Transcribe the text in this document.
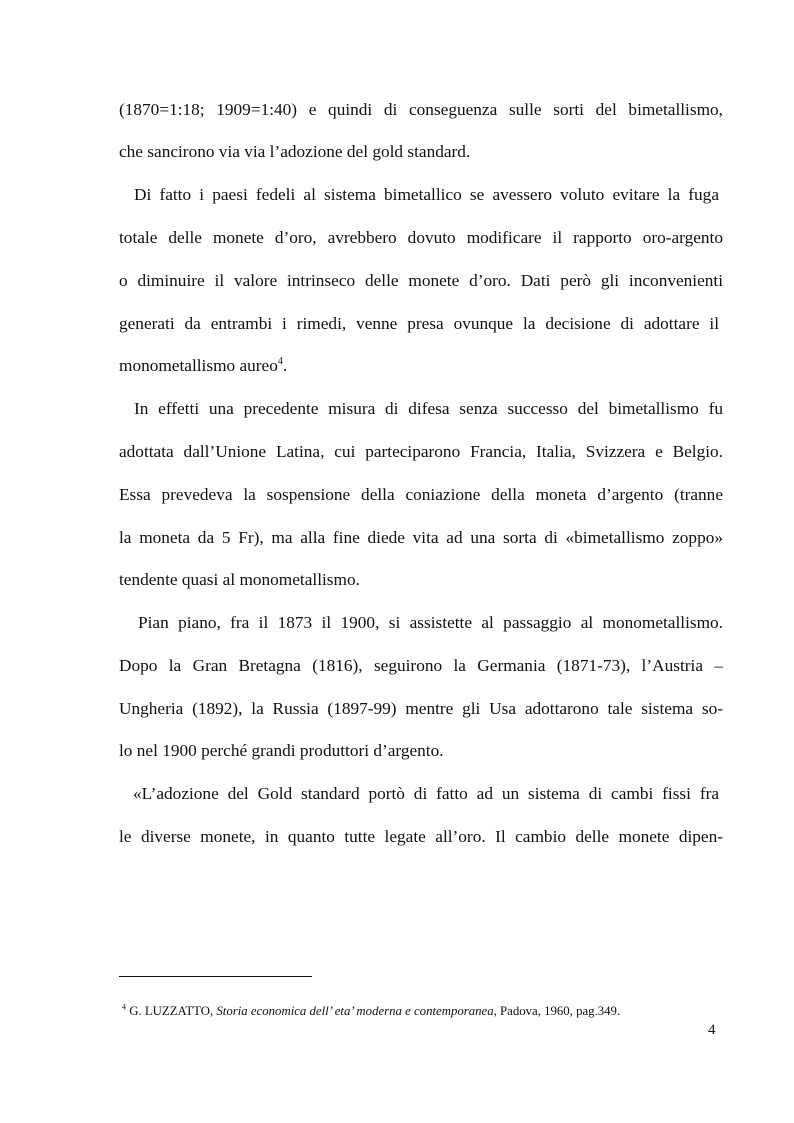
(1870=1:18; 1909=1:40) e quindi di conseguenza sulle sorti del bimetallismo,
che sancirono via via l’adozione del gold standard.
Di fatto i paesi fedeli al sistema bimetallico se avessero voluto evitare la fuga
totale delle monete d’oro, avrebbero dovuto modificare il rapporto oro-argento
o diminuire il valore intrinseco delle monete d’oro. Dati però gli inconvenienti
generati da entrambi i rimedi, venne presa ovunque la decisione di adottare il
monometallismo aureo$^4$.
In effetti una precedente misura di difesa senza successo del bimetallismo fu
adottata dall’Unione Latina, cui parteciparono Francia, Italia, Svizzera e Belgio.
Essa prevedeva la sospensione della coniazione della moneta d’argento (tranne
la moneta da 5 Fr), ma alla fine diede vita ad una sorta di «bimetallismo zoppo»
tendente quasi al monometallismo.
Pian piano, fra il 1873 il 1900, si assistette al passaggio al monometallismo.
Dopo la Gran Bretagna (1816), seguirono la Germania (1871-73), l’Austria –
Ungheria (1892), la Russia (1897-99) mentre gli Usa adottarono tale sistema so-
lo nel 1900 perché grandi produttori d’argento.
«L’adozione del Gold standard portò di fatto ad un sistema di cambi fissi fra
le diverse monete, in quanto tutte legate all’oro. Il cambio delle monete dipen-
$^4$ G. LUZZATTO, Storia economica dell’ eta’ moderna e contemporanea, Padova, 1960, pag.349.
4
